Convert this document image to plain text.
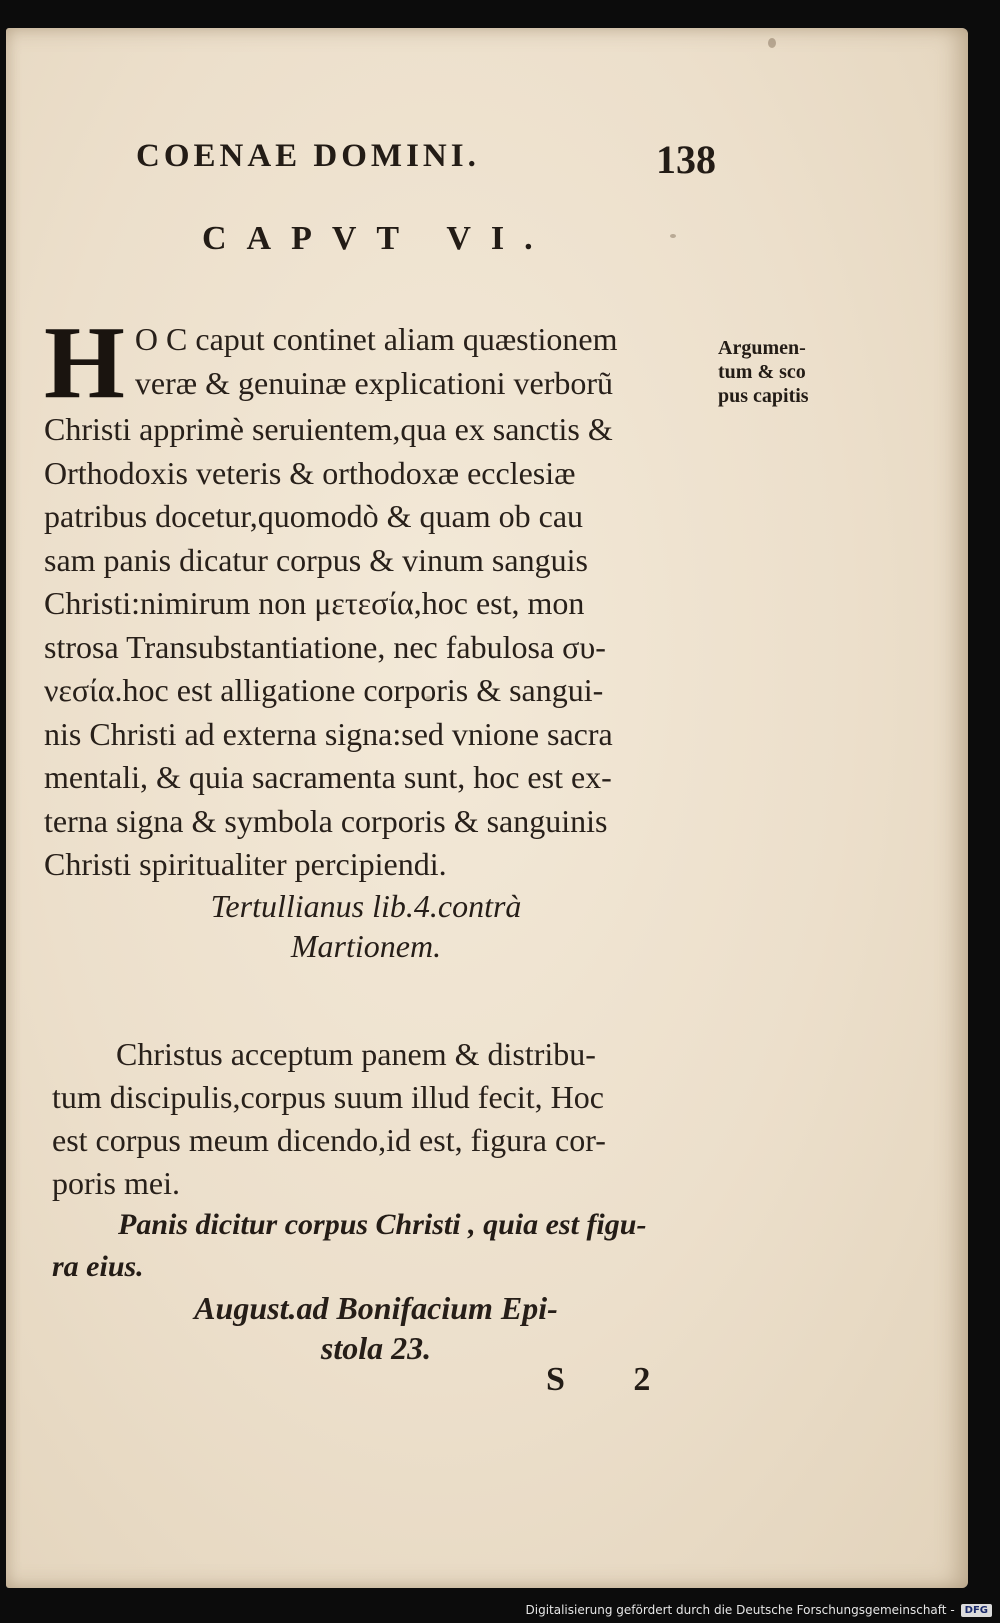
COENAE DOMINI.	138
CAPVT VI.
H O C caput continet aliam quæstionem
veræ & genuinæ explicationi verborũ
Christi apprimè seruientem,qua ex sanctis &
Orthodoxis veteris & orthodoxæ ecclesiæ
patribus docetur,quomodò & quam ob cau
sam panis dicatur corpus & vinum sanguis
Christi:nimirum non μετεσία,hoc est, mon
strosa Transubstantiatione, nec fabulosa συ-
νεσία.hoc est alligatione corporis & sangui-
nis Christi ad externa signa:sed vnione sacra
mentali, & quia sacramenta sunt, hoc est ex-
terna signa & symbola corporis & sanguinis
Christi spiritualiter percipiendi.
Argumen-
tum & sco
pus capitis
Tertullianus lib.4.contrà
Martionem.
Christus acceptum panem & distribu-
tum discipulis,corpus suum illud fecit, Hoc
est corpus meum dicendo,id est, figura cor-
poris mei.
Panis dicitur corpus Christi , quia est figu-
ra eius.
August.ad Bonifacium Epi-
stola 23.
S 2
Digitalisierung gefördert durch die Deutsche Forschungsgemeinschaft -	DFG
